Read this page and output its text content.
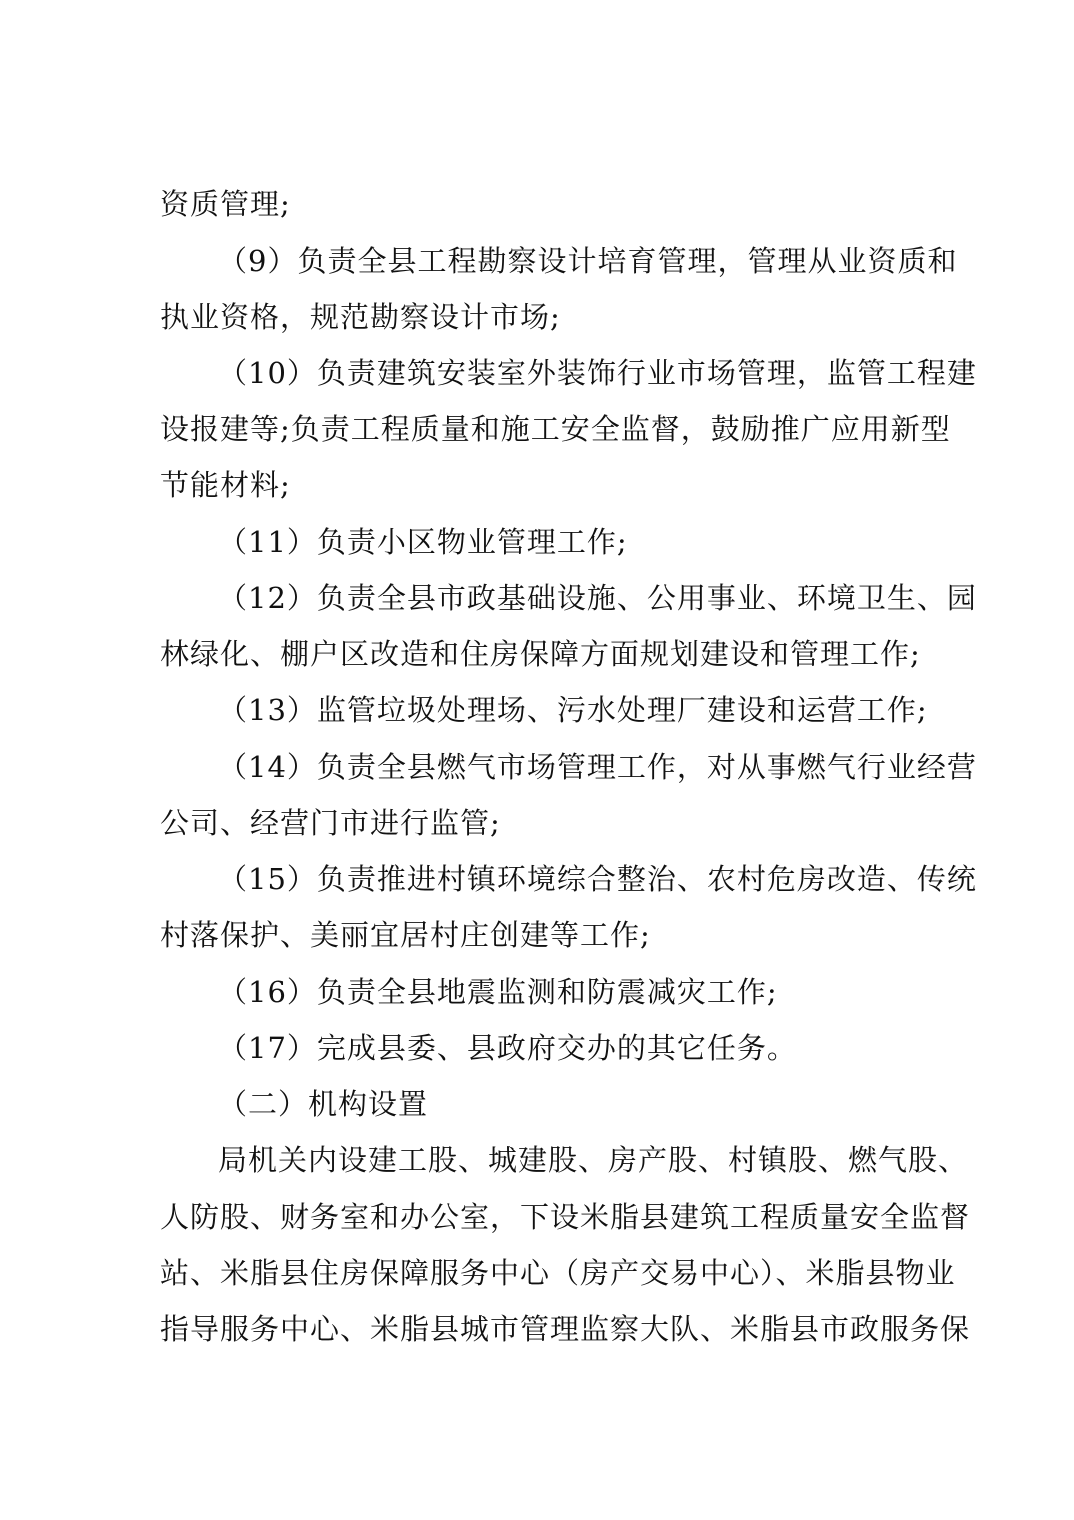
资质管理;
（9）负责全县工程勘察设计培育管理，管理从业资质和
执业资格，规范勘察设计市场;
（10）负责建筑安装室外装饰行业市场管理，监管工程建
设报建等;负责工程质量和施工安全监督，鼓励推广应用新型
节能材料;
（11）负责小区物业管理工作;
（12）负责全县市政基础设施、公用事业、环境卫生、园
林绿化、棚户区改造和住房保障方面规划建设和管理工作;
（13）监管垃圾处理场、污水处理厂建设和运营工作;
（14）负责全县燃气市场管理工作，对从事燃气行业经营
公司、经营门市进行监管;
（15）负责推进村镇环境综合整治、农村危房改造、传统
村落保护、美丽宜居村庄创建等工作;
（16）负责全县地震监测和防震减灾工作;
（17）完成县委、县政府交办的其它任务。
（二）机构设置
局机关内设建工股、城建股、房产股、村镇股、燃气股、
人防股、财务室和办公室，下设米脂县建筑工程质量安全监督
站、米脂县住房保障服务中心（房产交易中心）、米脂县物业
指导服务中心、米脂县城市管理监察大队、米脂县市政服务保
